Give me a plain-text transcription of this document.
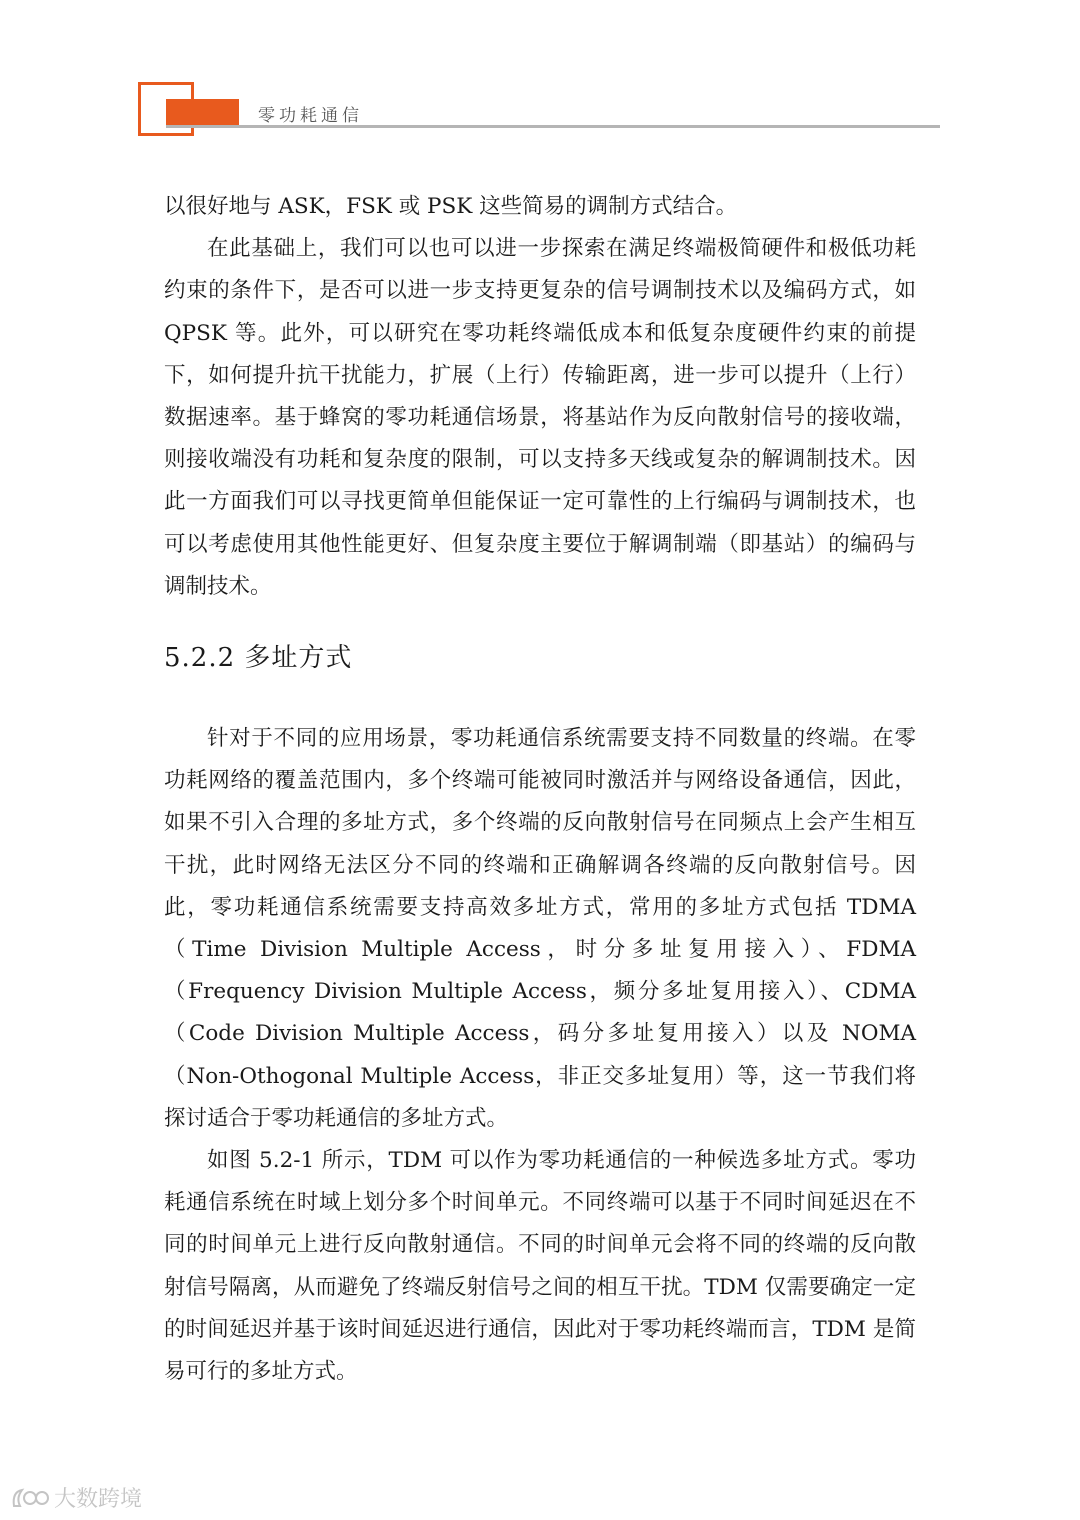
零功耗通信

以很好地与 ASK，FSK 或 PSK 这些简易的调制方式结合。

在此基础上，我们可以也可以进一步探索在满足终端极简硬件和极低功耗约束的条件下，是否可以进一步支持更复杂的信号调制技术以及编码方式，如 QPSK 等。此外，可以研究在零功耗终端低成本和低复杂度硬件约束的前提下，如何提升抗干扰能力，扩展（上行）传输距离，进一步可以提升（上行）数据速率。基于蜂窝的零功耗通信场景，将基站作为反向散射信号的接收端，则接收端没有功耗和复杂度的限制，可以支持多天线或复杂的解调制技术。因此一方面我们可以寻找更简单但能保证一定可靠性的上行编码与调制技术，也可以考虑使用其他性能更好、但复杂度主要位于解调制端（即基站）的编码与调制技术。

5.2.2 多址方式

针对于不同的应用场景，零功耗通信系统需要支持不同数量的终端。在零功耗网络的覆盖范围内，多个终端可能被同时激活并与网络设备通信，因此，如果不引入合理的多址方式，多个终端的反向散射信号在同频点上会产生相互干扰，此时网络无法区分不同的终端和正确解调各终端的反向散射信号。因此，零功耗通信系统需要支持高效多址方式，常用的多址方式包括 TDMA（Time Division Multiple Access，时分多址复用接入）、FDMA（Frequency Division Multiple Access，频分多址复用接入）、CDMA（Code Division Multiple Access，码分多址复用接入）以及 NOMA（Non-Othogonal Multiple Access，非正交多址复用）等，这一节我们将探讨适合于零功耗通信的多址方式。

如图 5.2-1 所示，TDM 可以作为零功耗通信的一种候选多址方式。零功耗通信系统在时域上划分多个时间单元。不同终端可以基于不同时间延迟在不同的时间单元上进行反向散射通信。不同的时间单元会将不同的终端的反向散射信号隔离，从而避免了终端反射信号之间的相互干扰。TDM 仅需要确定一定的时间延迟并基于该时间延迟进行通信，因此对于零功耗终端而言，TDM 是简易可行的多址方式。

大数跨境
